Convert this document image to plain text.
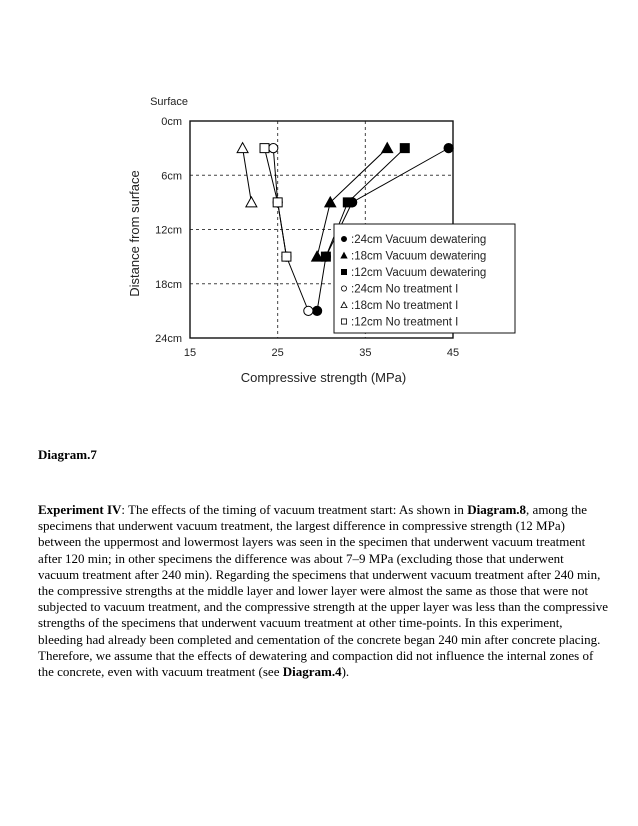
Surface
0cm
6cm
12cm
18cm
24cm
15	25	35	45
Distance from surface
Compressive strength (MPa)
:24cm Vacuum dewatering
:18cm Vacuum dewatering
:12cm Vacuum dewatering
:24cm No treatment I
:18cm No treatment I
:12cm No treatment I
Diagram.7

Experiment IV: The effects of the timing of vacuum treatment start: As shown in Diagram.8, among the specimens that underwent vacuum treatment, the largest difference in compressive strength (12 MPa) between the uppermost and lowermost layers was seen in the specimen that underwent vacuum treatment after 120 min; in other specimens the difference was about 7–9 MPa (excluding those that underwent vacuum treatment after 240 min). Regarding the specimens that underwent vacuum treatment after 240 min, the compressive strengths at the middle layer and lower layer were almost the same as those that were not subjected to vacuum treatment, and the compressive strength at the upper layer was less than the compressive strengths of the specimens that underwent vacuum treatment at other time-points. In this experiment, bleeding had already been completed and cementation of the concrete began 240 min after concrete placing. Therefore, we assume that the effects of dewatering and compaction did not influence the internal zones of the concrete, even with vacuum treatment (see Diagram.4).
